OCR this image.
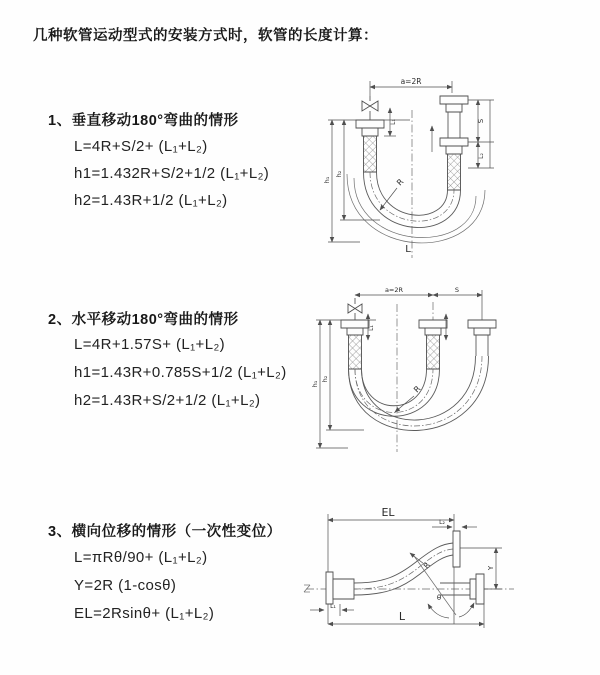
几种软管运动型式的安装方式时，软管的长度计算：
1、垂直移动180°弯曲的情形
L=4R+S/2+ (L₁+L₂)
h1=1.432R+S/2+1/2 (L₁+L₂)
h2=1.43R+1/2 (L₁+L₂)
2、水平移动180°弯曲的情形
L=4R+1.57S+ (L₁+L₂)
h1=1.43R+0.785S+1/2 (L₁+L₂)
h2=1.43R+S/2+1/2 (L₁+L₂)
3、横向位移的情形（一次性变位）
L=πRθ/90+ (L₁+L₂)
Y=2R (1-cosθ)
EL=2Rsinθ+ (L₁+L₂)
a=2R
R
L
h₁
h₂
L₁	S
L₂
a=2R	S
R
h₁
h₂
L₁
EL
L₂
Y
L
L₁
R
θ
